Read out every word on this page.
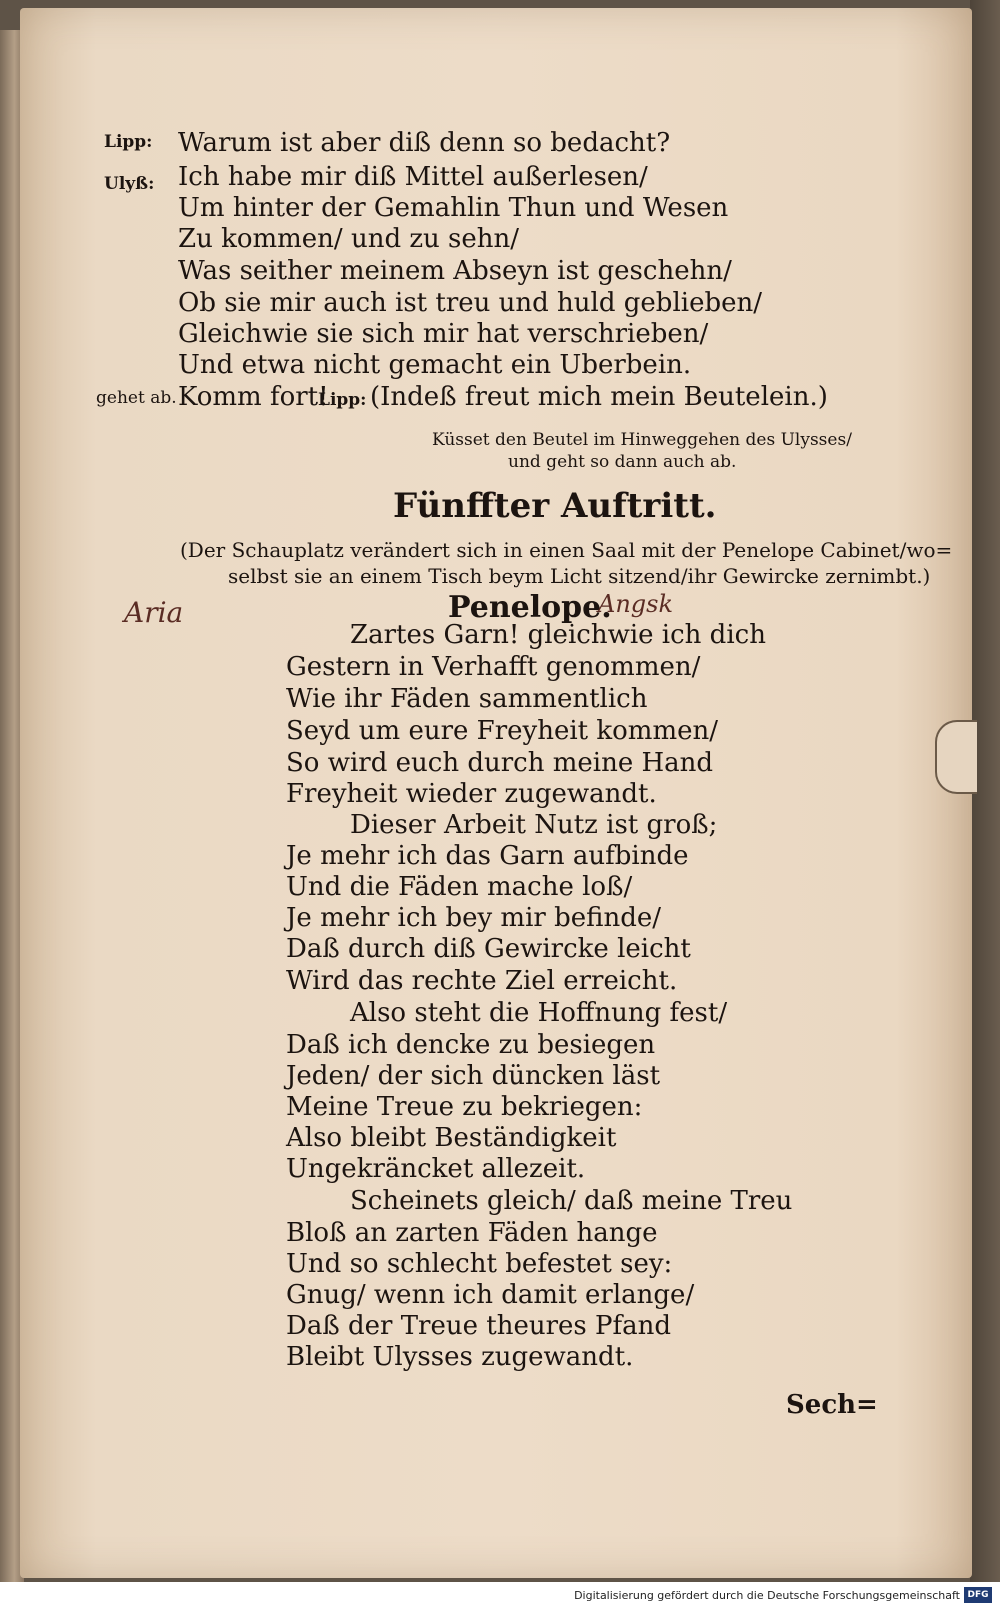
Lipp: Warum ist aber diß denn so bedacht?
Ulyß: Ich habe mir diß Mittel außerlesen/
Um hinter der Gemahlin Thun und Wesen
Zu kommen/ und zu sehn/
Was seither meinem Abseyn ist geschehn/
Ob sie mir auch ist treu und huld geblieben/
Gleichwie sie sich mir hat verschrieben/
Und etwa nicht gemacht ein Uberbein.
gehet ab. Komm fort!
Lipp: (Indeß freut mich mein Beutelein.)
Küsset den Beutel im Hinweggehen des Ulysses/
und geht so dann auch ab.
Fünffter Auftritt.
(Der Schauplatz verändert sich in einen Saal mit der Penelope Cabinet/wo=
selbst sie an einem Tisch beym Licht sitzend/ihr Gewircke zernimbt.)
Aria	Penelope.
Angsk
Zartes Garn! gleichwie ich dich
Gestern in Verhafft genommen/
Wie ihr Fäden sammentlich
Seyd um eure Freyheit kommen/
So wird euch durch meine Hand
Freyheit wieder zugewandt.
Dieser Arbeit Nutz ist groß;
Je mehr ich das Garn aufbinde
Und die Fäden mache loß/
Je mehr ich bey mir befinde/
Daß durch diß Gewircke leicht
Wird das rechte Ziel erreicht.
Also steht die Hoffnung fest/
Daß ich dencke zu besiegen
Jeden/ der sich düncken läst
Meine Treue zu bekriegen:
Also bleibt Beständigkeit
Ungekräncket allezeit.
Scheinets gleich/ daß meine Treu
Bloß an zarten Fäden hange
Und so schlecht befestet sey:
Gnug/ wenn ich damit erlange/
Daß der Treue theures Pfand
Bleibt Ulysses zugewandt.
Sech=
Digitalisierung gefördert durch die Deutsche Forschungsgemeinschaft DFG
